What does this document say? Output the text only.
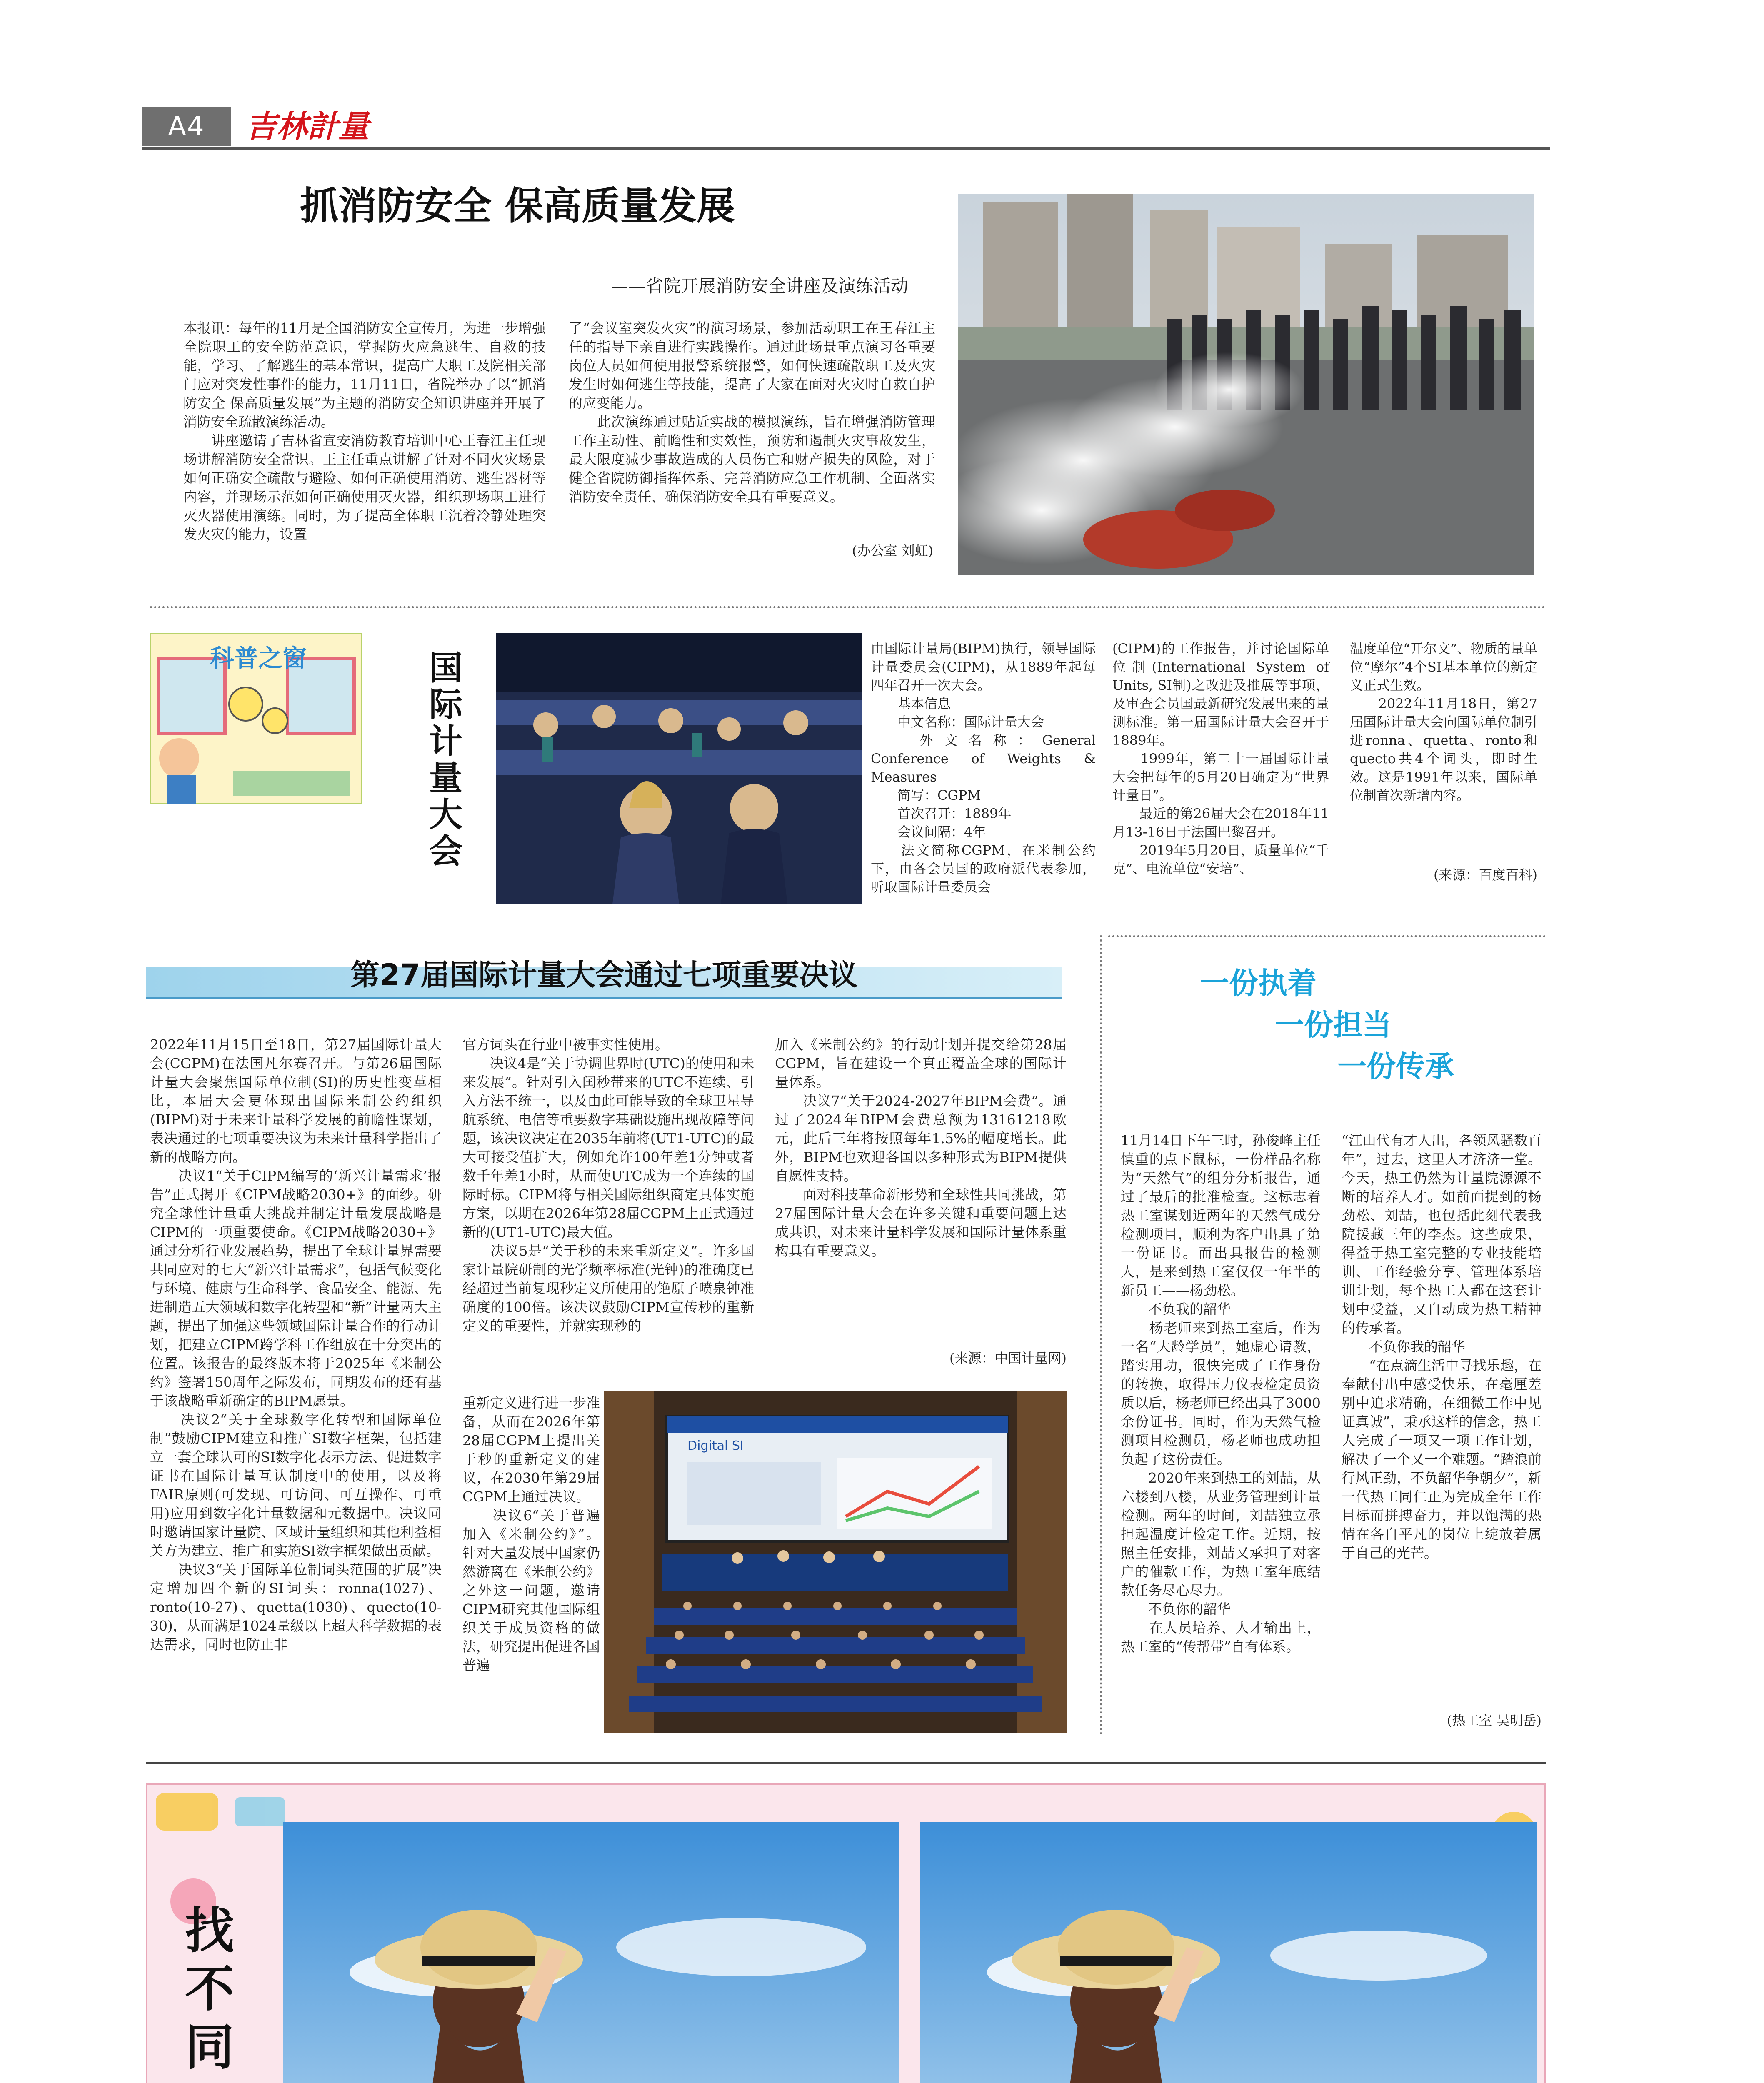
A4	吉林計量
抓消防安全 保高质量发展
——省院开展消防安全讲座及演练活动

本报讯：每年的11月是全国消防安全宣传月，为进一步增强全院职工的安全防范意识，掌握防火应急逃生、自救的技能，学习、了解逃生的基本常识，提高广大职工及院相关部门应对突发性事件的能力，11月11日，省院举办了以“抓消防安全 保高质量发展”为主题的消防安全知识讲座并开展了消防安全疏散演练活动。
　　讲座邀请了吉林省宣安消防教育培训中心王春江主任现场讲解消防安全常识。王主任重点讲解了针对不同火灾场景如何正确安全疏散与避险、如何正确使用消防、逃生器材等内容，并现场示范如何正确使用灭火器，组织现场职工进行灭火器使用演练。同时，为了提高全体职工沉着冷静处理突发火灾的能力，设置

了“会议室突发火灾”的演习场景，参加活动职工在王春江主任的指导下亲自进行实践操作。通过此场景重点演习各重要岗位人员如何使用报警系统报警，如何快速疏散职工及火灾发生时如何逃生等技能，提高了大家在面对火灾时自救自护的应变能力。
　　此次演练通过贴近实战的模拟演练，旨在增强消防管理工作主动性、前瞻性和实效性，预防和遏制火灾事故发生，最大限度减少事故造成的人员伤亡和财产损失的风险，对于健全省院防御指挥体系、完善消防应急工作机制、全面落实消防安全责任、确保消防安全具有重要意义。

(办公室 刘虹)
科普之窗	国际计量大会

由国际计量局(BIPM)执行，领导国际计量委员会(CIPM)，从1889年起每四年召开一次大会。
　　基本信息
　　中文名称：国际计量大会
　　外文名称：General Conference of Weights & Measures
　　简写：CGPM
　　首次召开：1889年
　　会议间隔：4年
　　法文简称CGPM，在米制公约下，由各会员国的政府派代表参加，听取国际计量委员会

(CIPM)的工作报告，并讨论国际单位制(International System of Units, SI制)之改进及推展等事项，及审查会员国最新研究发展出来的量测标准。第一届国际计量大会召开于1889年。
　　1999年，第二十一届国际计量大会把每年的5月20日确定为“世界计量日”。
　　最近的第26届大会在2018年11月13-16日于法国巴黎召开。
　　2019年5月20日，质量单位“千克”、电流单位“安培”、

温度单位“开尔文”、物质的量单位“摩尔”4个SI基本单位的新定义正式生效。
　　2022年11月18日，第27届国际计量大会向国际单位制引进ronna、quetta、ronto和quecto共4个词头，即时生效。这是1991年以来，国际单位制首次新增内容。

(来源：百度百科)
第27届国际计量大会通过七项重要决议

2022年11月15日至18日，第27届国际计量大会(CGPM)在法国凡尔赛召开。与第26届国际计量大会聚焦国际单位制(SI)的历史性变革相比，本届大会更体现出国际米制公约组织(BIPM)对于未来计量科学发展的前瞻性谋划，表决通过的七项重要决议为未来计量科学指出了新的战略方向。
　　决议1“关于CIPM编写的‘新兴计量需求’报告”正式揭开《CIPM战略2030+》的面纱。研究全球性计量重大挑战并制定计量发展战略是CIPM的一项重要使命。《CIPM战略2030+》通过分析行业发展趋势，提出了全球计量界需要共同应对的七大“新兴计量需求”，包括气候变化与环境、健康与生命科学、食品安全、能源、先进制造五大领域和数字化转型和“新”计量两大主题，提出了加强这些领域国际计量合作的行动计划，把建立CIPM跨学科工作组放在十分突出的位置。该报告的最终版本将于2025年《米制公约》签署150周年之际发布，同期发布的还有基于该战略重新确定的BIPM愿景。
　　决议2“关于全球数字化转型和国际单位制”鼓励CIPM建立和推广SI数字框架，包括建立一套全球认可的SI数字化表示方法、促进数字证书在国际计量互认制度中的使用，以及将FAIR原则(可发现、可访问、可互操作、可重用)应用到数字化计量数据和元数据中。决议同时邀请国家计量院、区域计量组织和其他利益相关方为建立、推广和实施SI数字框架做出贡献。
　　决议3“关于国际单位制词头范围的扩展”决定增加四个新的SI词头：ronna(1027)、ronto(10-27)、quetta(1030)、quecto(10-30)，从而满足1024量级以上超大科学数据的表达需求，同时也防止非

官方词头在行业中被事实性使用。
　　决议4是“关于协调世界时(UTC)的使用和未来发展”。针对引入闰秒带来的UTC不连续、引入方法不统一，以及由此可能导致的全球卫星导航系统、电信等重要数字基础设施出现故障等问题，该决议决定在2035年前将(UT1-UTC)的最大可接受值扩大，例如允许100年差1分钟或者数千年差1小时，从而使UTC成为一个连续的国际时标。CIPM将与相关国际组织商定具体实施方案，以期在2026年第28届CGPM上正式通过新的(UT1-UTC)最大值。
　　决议5是“关于秒的未来重新定义”。许多国家计量院研制的光学频率标准(光钟)的准确度已经超过当前复现秒定义所使用的铯原子喷泉钟准确度的100倍。该决议鼓励CIPM宣传秒的重新定义的重要性，并就实现秒的

重新定义进行进一步准备，从而在2026年第28届CGPM上提出关于秒的重新定义的建议，在2030年第29届CGPM上通过决议。
　　决议6“关于普遍加入《米制公约》”。针对大量发展中国家仍然游离在《米制公约》之外这一问题，邀请CIPM研究其他国际组织关于成员资格的做法，研究提出促进各国普遍

加入《米制公约》的行动计划并提交给第28届CGPM，旨在建设一个真正覆盖全球的国际计量体系。
　　决议7“关于2024-2027年BIPM会费”。通过了2024年BIPM会费总额为13161218欧元，此后三年将按照每年1.5%的幅度增长。此外，BIPM也欢迎各国以多种形式为BIPM提供自愿性支持。
　　面对科技革命新形势和全球性共同挑战，第27届国际计量大会在许多关键和重要问题上达成共识，对未来计量科学发展和国际计量体系重构具有重要意义。

(来源：中国计量网)
Digital SI
一份执着
一份担当
一份传承

11月14日下午三时，孙俊峰主任慎重的点下鼠标，一份样品名称为“天然气”的组分分析报告，通过了最后的批准检查。这标志着热工室谋划近两年的天然气成分检测项目，顺利为客户出具了第一份证书。而出具报告的检测人，是来到热工室仅仅一年半的新员工——杨劲松。
　　不负我的韶华
　　杨老师来到热工室后，作为一名“大龄学员”，她虚心请教，踏实用功，很快完成了工作身份的转换，取得压力仪表检定员资质以后，杨老师已经出具了3000余份证书。同时，作为天然气检测项目检测员，杨老师也成功担负起了这份责任。
　　2020年来到热工的刘喆，从六楼到八楼，从业务管理到计量检测。两年的时间，刘喆独立承担起温度计检定工作。近期，按照主任安排，刘喆又承担了对客户的催款工作，为热工室年底结款任务尽心尽力。
　　不负你的韶华
　　在人员培养、人才输出上，热工室的“传帮带”自有体系。

“江山代有才人出，各领风骚数百年”，过去，这里人才济济一堂。今天，热工仍然为计量院源源不断的培养人才。如前面提到的杨劲松、刘喆，也包括此刻代表我院援藏三年的李杰。这些成果，得益于热工室完整的专业技能培训、工作经验分享、管理体系培训计划，每个热工人都在这套计划中受益，又自动成为热工精神的传承者。
　　不负你我的韶华
　　“在点滴生活中寻找乐趣，在奉献付出中感受快乐，在毫厘差别中追求精确，在细微工作中见证真诚”，秉承这样的信念，热工人完成了一项又一项工作计划，解决了一个又一个难题。“踏浪前行风正劲，不负韶华争朝夕”，新一代热工同仁正为完成全年工作目标而拼搏奋力，并以饱满的热情在各自平凡的岗位上绽放着属于自己的光芒。

(热工室 吴明岳)
找不同
